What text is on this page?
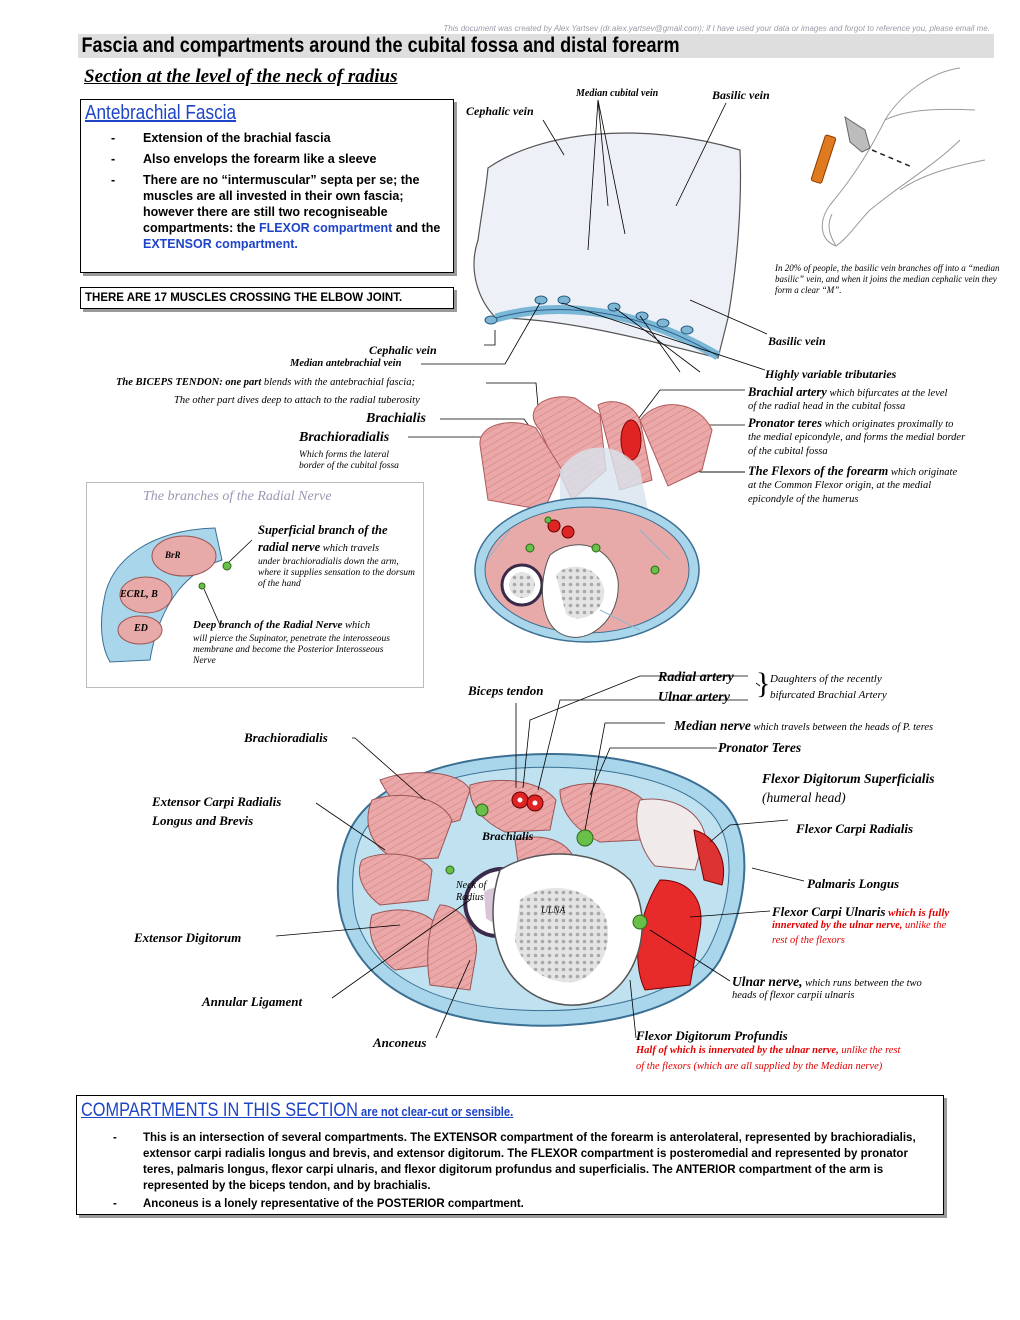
This document was created by Alex Yartsev (dr.alex.yartsev@gmail.com); if I have used your data or images and forgot to reference you, please email me.
Fascia and compartments around the cubital fossa and distal forearm
Section at the level of the neck of radius
Antebrachial Fascia
- Extension of the brachial fascia
- Also envelops the forearm like a sleeve
- There are no “intermuscular” septa per se; the muscles are all invested in their own fascia; however there are still two recogniseable compartments: the FLEXOR compartment and the EXTENSOR compartment.
THERE ARE 17 MUSCLES CROSSING THE ELBOW JOINT.
Median cubital vein	Basilic vein
Cephalic vein
In 20% of people, the basilic vein branches off into a “median basilic” vein, and when it joins the median cephalic vein they form a clear “M”.
Basilic vein
Cephalic vein
Median antebrachial vein
Highly variable tributaries
The BICEPS TENDON: one part blends with the antebrachial fascia;
The other part dives deep to attach to the radial tuberosity
Brachialis
Brachioradialis
Which forms the lateral border of the cubital fossa
Brachial artery which bifurcates at the level
of the radial head in the cubital fossa
Pronator teres which originates proximally to
the medial epicondyle, and forms the medial border
of the cubital fossa
The Flexors of the forearm which originate
at the Common Flexor origin, at the medial
epicondyle of the humerus
The branches of the Radial Nerve
Superficial branch of the
radial nerve which travels
under brachioradialis down the arm, where it supplies sensation to the dorsum of the hand
BrR
ECRL, B
ED	Deep branch of the Radial Nerve which
will pierce the Supinator, penetrate the interosseous membrane and become the Posterior Interosseous Nerve
Radial artery
Ulnar artery } Daughters of the recently
bifurcated Brachial Artery
Biceps tendon
Median nerve which travels between the heads of P. teres
Brachioradialis
Pronator Teres
Flexor Digitorum Superficialis
(humeral head)
Extensor Carpi Radialis
Longus and Brevis
Brachialis	Flexor Carpi Radialis
Neck of
Radius
ULNA
Palmaris Longus
Flexor Carpi Ulnaris which is fully
innervated by the ulnar nerve, unlike the
rest of the flexors
Extensor Digitorum
Ulnar nerve, which runs between the two
heads of flexor carpii ulnaris
Annular Ligament
Anconeus	Flexor Digitorum Profundis
Half of which is innervated by the ulnar nerve, unlike the rest
of the flexors (which are all supplied by the Median nerve)
COMPARTMENTS IN THIS SECTION are not clear-cut or sensible.
- This is an intersection of several compartments. The EXTENSOR compartment of the forearm is anterolateral, represented by brachioradialis, extensor carpi radialis longus and brevis, and extensor digitorum. The FLEXOR compartment is posteromedial and represented by pronator teres, palmaris longus, flexor carpi ulnaris, and flexor digitorum profundus and superficialis. The ANTERIOR compartment of the arm is represented by the biceps tendon, and by brachialis.
- Anconeus is a lonely representative of the POSTERIOR compartment.
